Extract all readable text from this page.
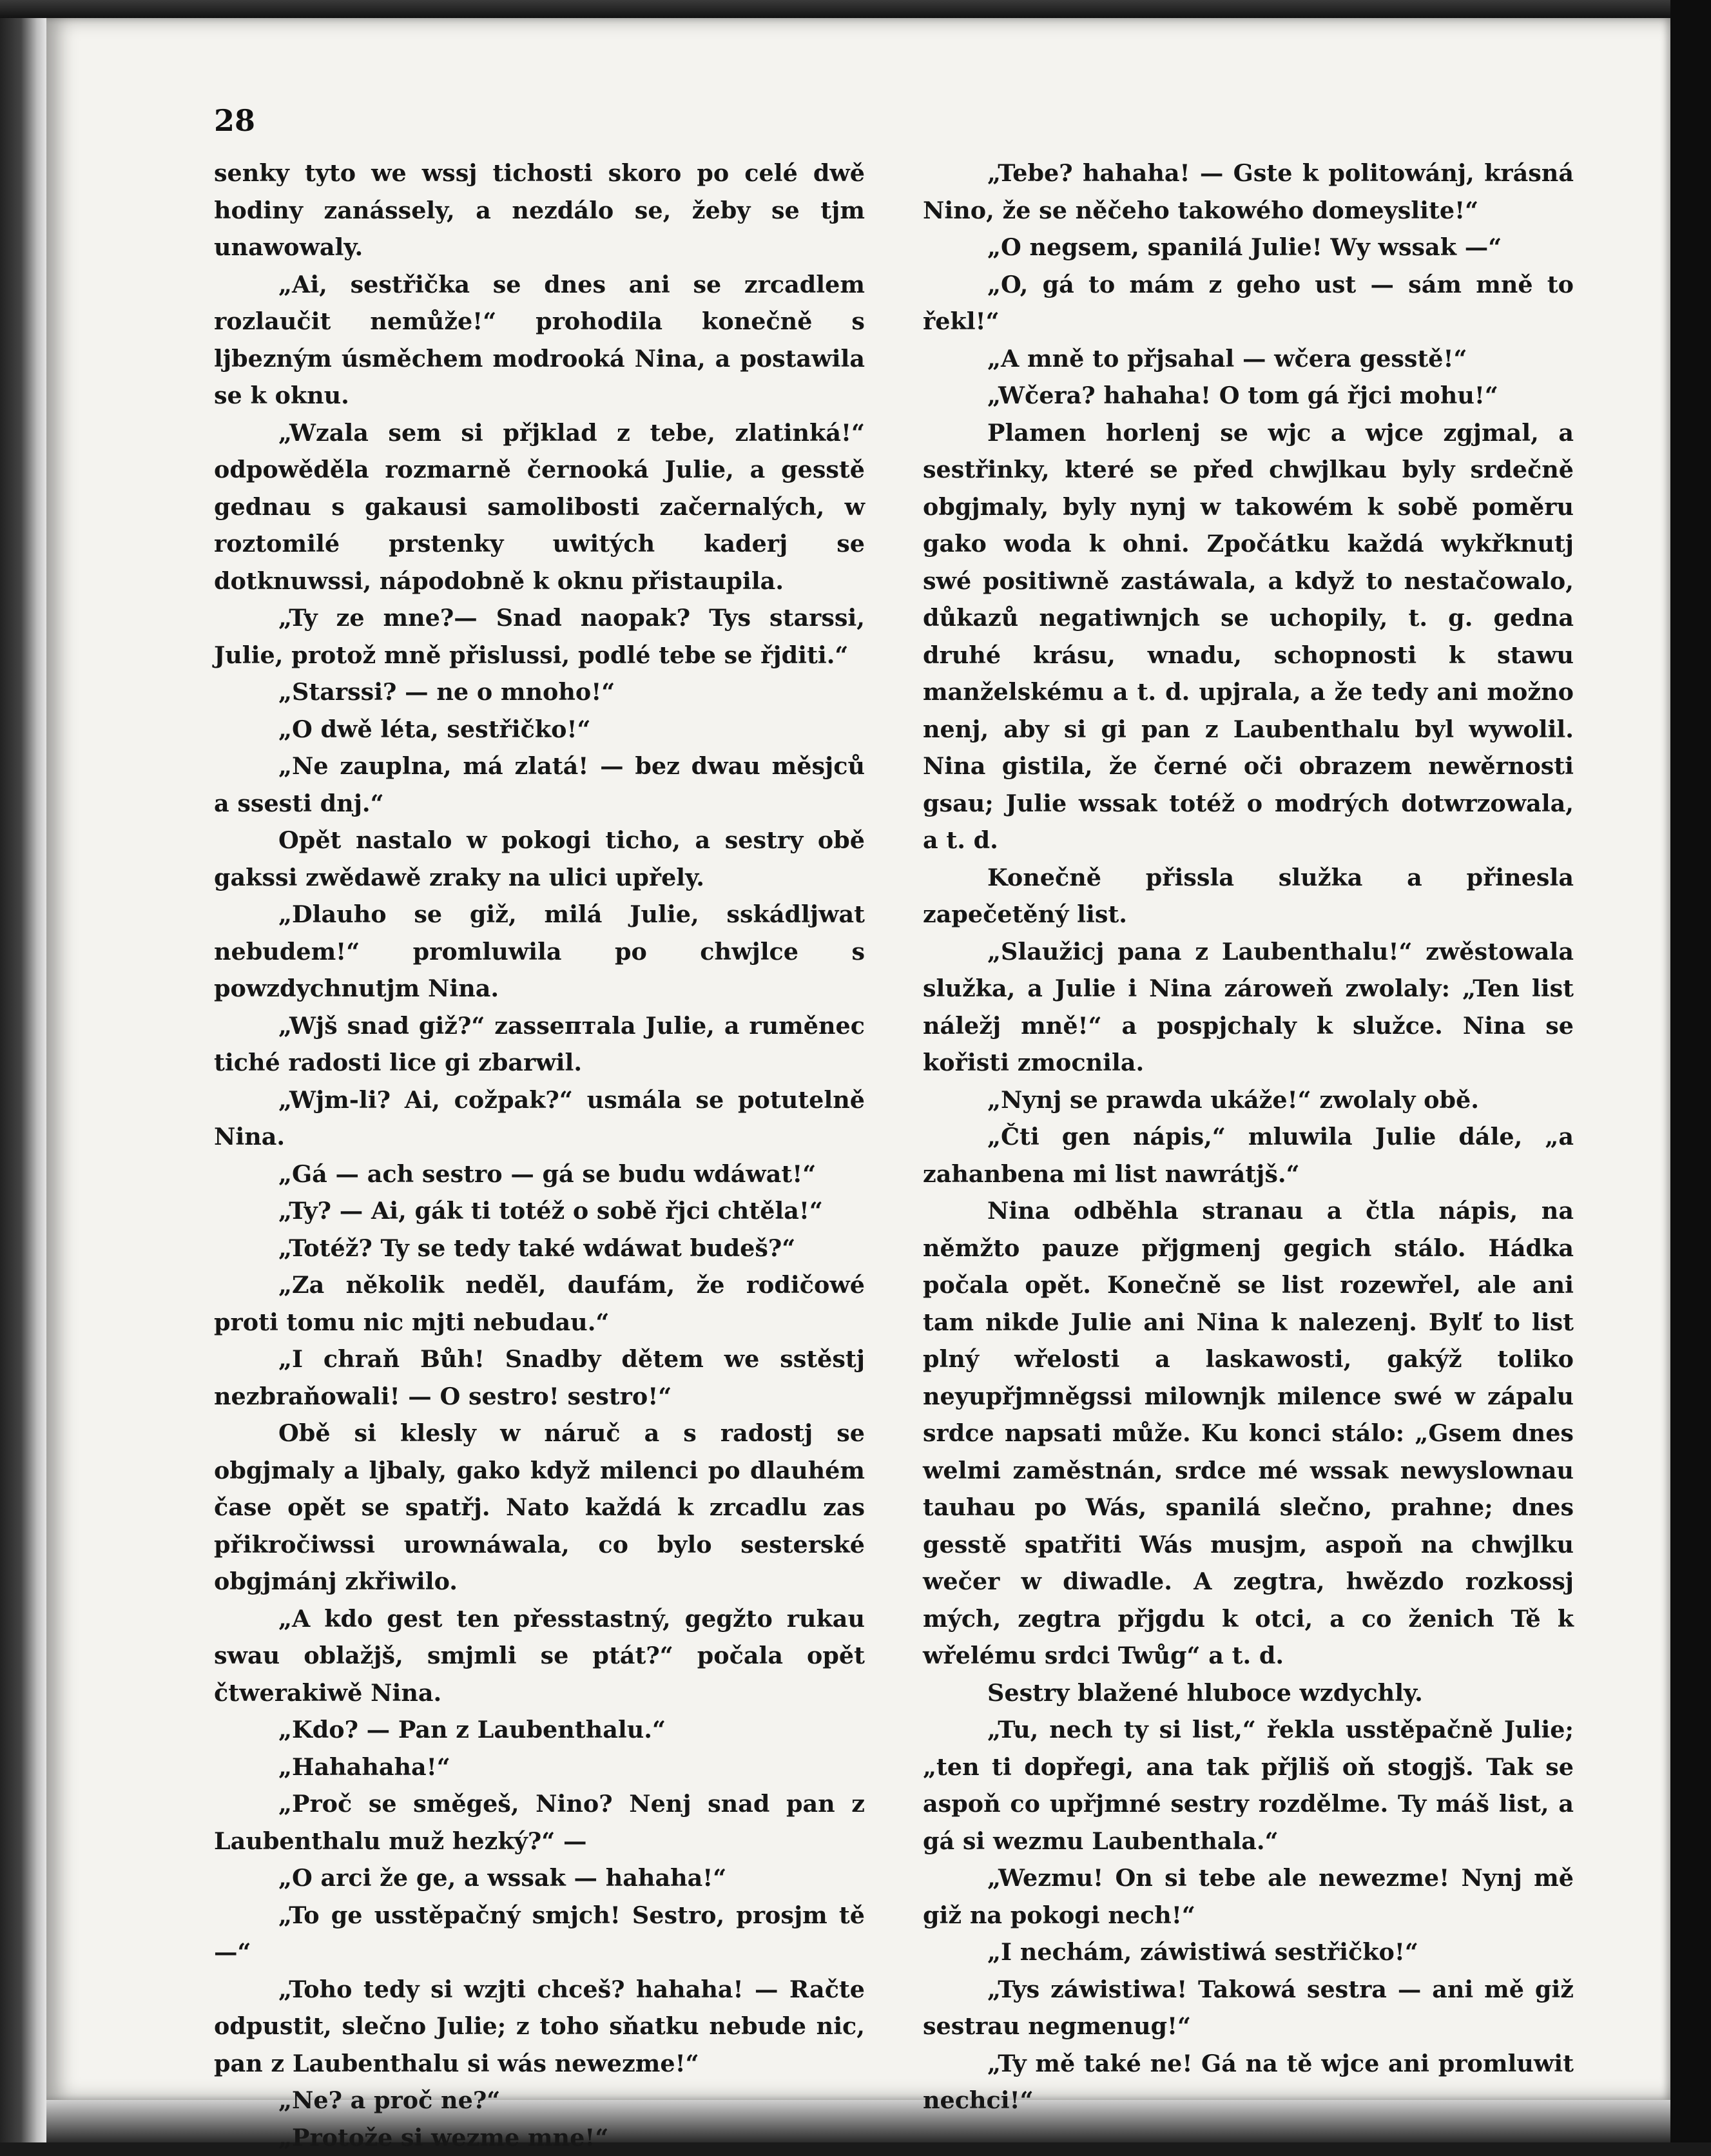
28

senky tyto we wssj tichosti skoro po celé dwě hodiny zanássely, a nezdálo se, žeby se tjm unawowaly.

„Ai, sestřička se dnes ani se zrcadlem rozlaučit nemůže!“ prohodila konečně s ljbezným úsměchem modrooká Nina, a postawila se k oknu.

„Wzala sem si přjklad z tebe, zlatinká!“ odpowěděla rozmarně černooká Julie, a gesstě gednau s gakausi samolibosti začernalých, w roztomilé prstenky uwitých kaderj se dotknuwssi, nápodobně k oknu přistaupila.

„Ty ze mne?— Snad naopak? Tys starssi, Julie, protož mně přislussi, podlé tebe se řjditi.“

„Starssi? — ne o mnoho!“

„O dwě léta, sestřičko!“

„Ne zauplna, má zlatá! — bez dwau měsjců a ssesti dnj.“

Opět nastalo w pokogi ticho, a sestry obě gakssi zwědawě zraky na ulici upřely.

„Dlauho se giž, milá Julie, sskádljwat nebudem!“ promluwila po chwjlce s powzdychnutjm Nina.

„Wjš snad giž?“ zassептala Julie, a ruměnec tiché radosti lice gi zbarwil.

„Wjm-li? Ai, cožpak?“ usmála se potutelně Nina.

„Gá — ach sestro — gá se budu wdáwat!“

„Ty? — Ai, gák ti totéž o sobě řjci chtěla!“

„Totéž? Ty se tedy také wdáwat budeš?“

„Za několik neděl, daufám, že rodičowé proti tomu nic mjti nebudau.“

„I chraň Bůh! Snadby dětem we sstěstj nezbraňowali! — O sestro! sestro!“

Obě si klesly w náruč a s radostj se obgjmaly a ljbaly, gako když milenci po dlauhém čase opět se spatřj. Nato každá k zrcadlu zas přikročiwssi urownáwala, co bylo sesterské obgjmánj zkřiwilo.

„A kdo gest ten přesstastný, gegžto rukau swau oblažjš, smjmli se ptát?“ počala opět čtwerakiwě Nina.

„Kdo? — Pan z Laubenthalu.“

„Hahahaha!“

„Proč se směgeš, Nino? Nenj snad pan z Laubenthalu muž hezký?“ —

„O arci že ge, a wssak — hahaha!“

„To ge usstěpačný smjch! Sestro, prosjm tě —“

„Toho tedy si wzjti chceš? hahaha! — Račte odpustit, slečno Julie; z toho sňatku nebude nic, pan z Laubenthalu si wás newezme!“

„Ne? a proč ne?“

„Protože si wezme mne!“

„Tebe? hahaha! — Gste k politowánj, krásná Nino, že se něčeho takowého domeyslite!“

„O negsem, spanilá Julie! Wy wssak —“

„O, gá to mám z geho ust — sám mně to řekl!“

„A mně to přjsahal — wčera gesstě!“

„Wčera? hahaha! O tom gá řjci mohu!“

Plamen horlenj se wjc a wjce zgjmal, a sestřinky, které se před chwjlkau byly srdečně obgjmaly, byly nynj w takowém k sobě poměru gako woda k ohni. Zpočátku každá wykřknutj swé positiwně zastáwala, a když to nestačowalo, důkazů negatiwnjch se uchopily, t. g. gedna druhé krásu, wnadu, schopnosti k stawu manželskému a t. d. upjrala, a že tedy ani možno nenj, aby si gi pan z Laubenthalu byl wywolil. Nina gistila, že černé oči obrazem newěrnosti gsau; Julie wssak totéž o modrých dotwrzowala, a t. d.

Konečně přissla služka a přinesla zapečetěný list.

„Slaužicj pana z Laubenthalu!“ zwěstowala služka, a Julie i Nina zároweň zwolaly: „Ten list náležj mně!“ a pospjchaly k služce. Nina se kořisti zmocnila.

„Nynj se prawda ukáže!“ zwolaly obě.

„Čti gen nápis,“ mluwila Julie dále, „a zahanbena mi list nawrátjš.“

Nina odběhla stranau a čtla nápis, na němžto pauze přjgmenj gegich stálo. Hádka počala opět. Konečně se list rozewřel, ale ani tam nikde Julie ani Nina k nalezenj. Bylť to list plný wřelosti a laskawosti, gakýž toliko neyupřjmněgssi milownjk milence swé w zápalu srdce napsati může. Ku konci stálo: „Gsem dnes welmi zaměstnán, srdce mé wssak newyslownau tauhau po Wás, spanilá slečno, prahne; dnes gesstě spatřiti Wás musjm, aspoň na chwjlku wečer w diwadle. A zegtra, hwězdo rozkossj mých, zegtra přjgdu k otci, a co ženich Tě k wřelému srdci Twůg“ a t. d.

Sestry blažené hluboce wzdychly.

„Tu, nech ty si list,“ řekla usstěpačně Julie; „ten ti dopřegi, ana tak přjliš oň stogjš. Tak se aspoň co upřjmné sestry rozdělme. Ty máš list, a gá si wezmu Laubenthala.“

„Wezmu! On si tebe ale newezme! Nynj mě giž na pokogi nech!“

„I nechám, záwistiwá sestřičko!“

„Tys záwistiwa! Takowá sestra — ani mě giž sestrau negmenug!“

„Ty mě také ne! Gá na tě wjce ani promluwit nechci!“
